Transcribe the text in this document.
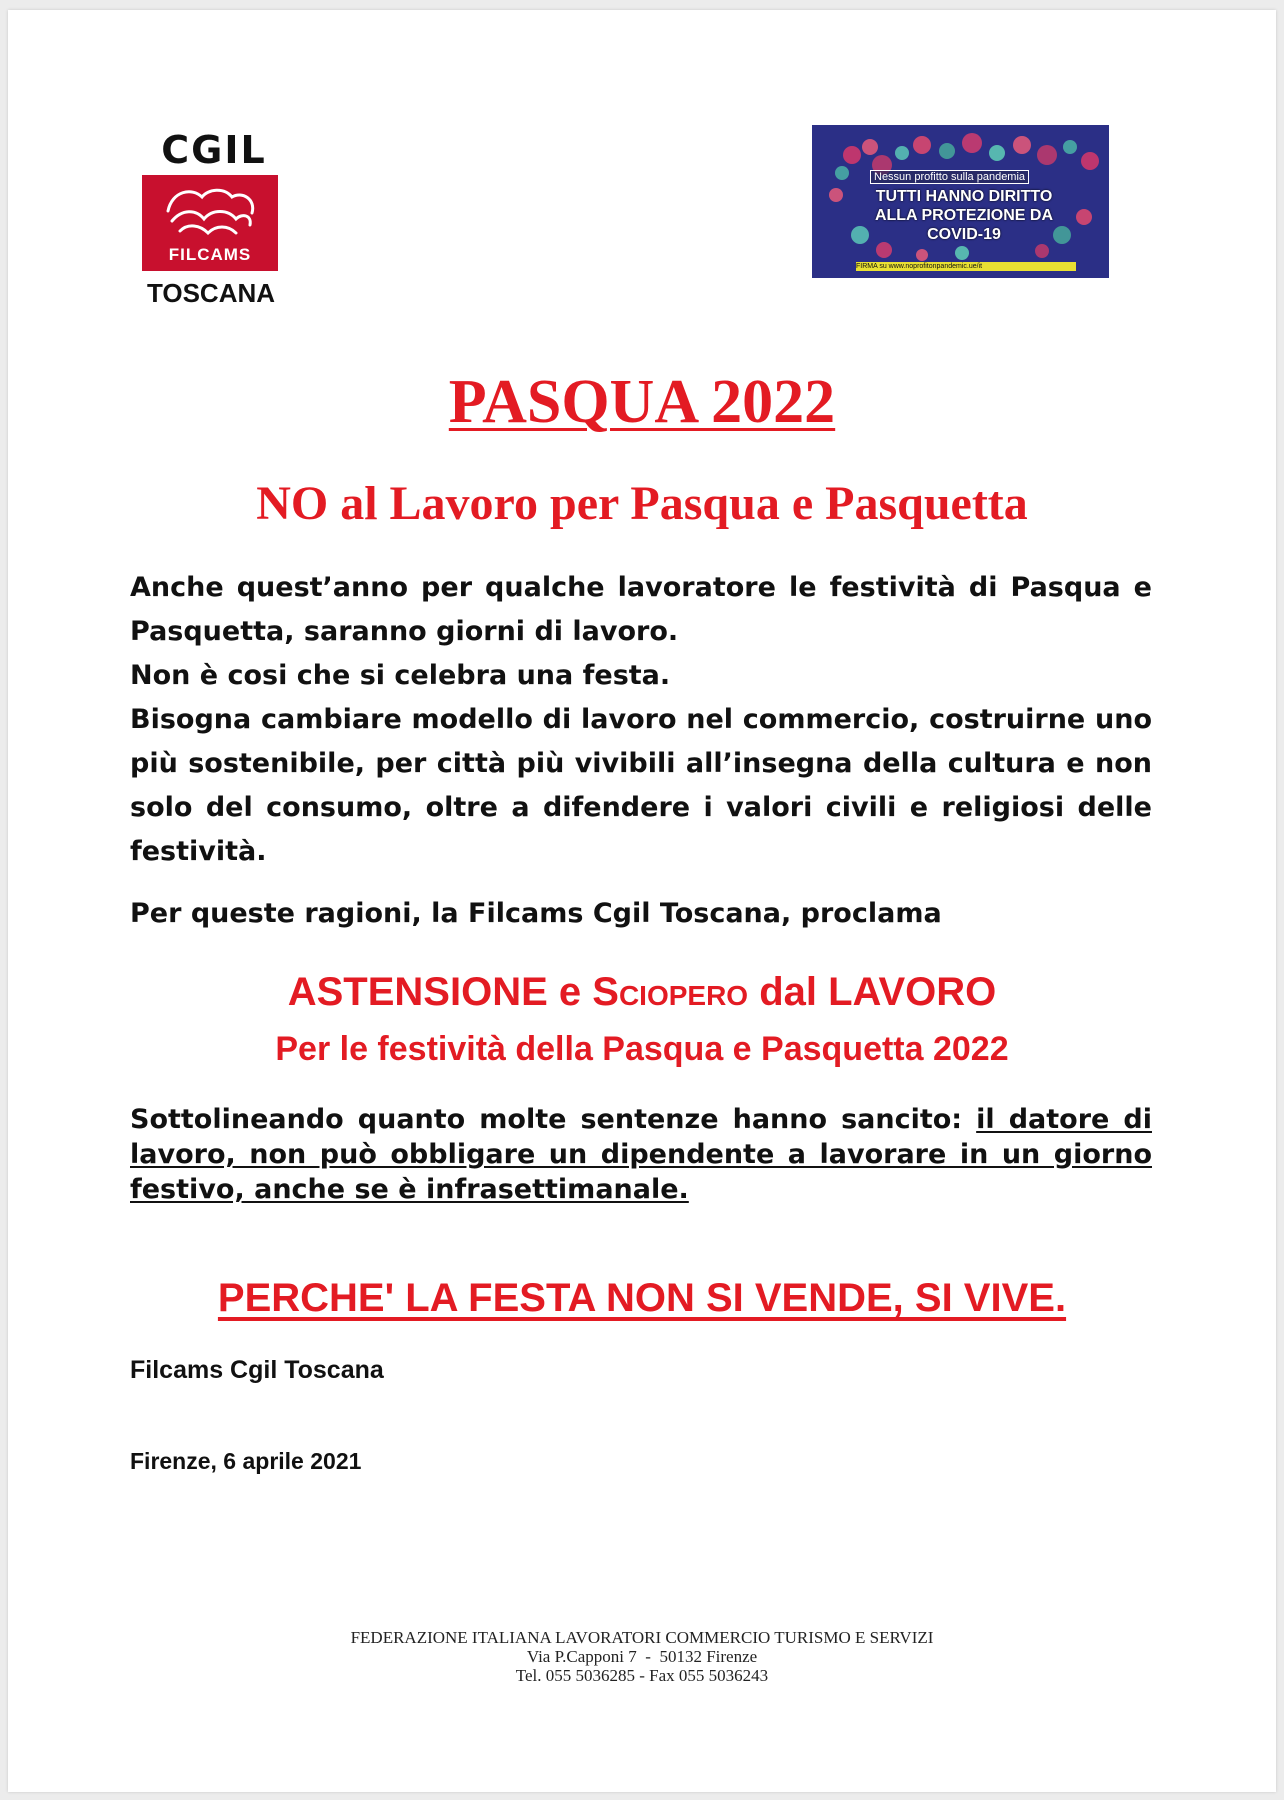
CGIL
FILCAMS
TOSCANA
Nessun profitto sulla pandemia
TUTTI HANNO DIRITTO
ALLA PROTEZIONE DA
COVID-19
FIRMA su www.noprofitonpandemic.ue/it
PASQUA 2022
NO al Lavoro per Pasqua e Pasquetta

Anche quest’anno per qualche lavoratore le festività di Pasqua e Pasquetta, saranno giorni di lavoro.

Non è cosi che si celebra una festa.

Bisogna cambiare modello di lavoro nel commercio, costruirne uno più sostenibile, per città più vivibili all’insegna della cultura e non solo del consumo, oltre a difendere i valori civili e religiosi delle festività.

Per queste ragioni, la Filcams Cgil Toscana, proclama

ASTENSIONE e Sciopero dal LAVORO
Per le festività della Pasqua e Pasquetta 2022

Sottolineando quanto molte sentenze hanno sancito: il datore di lavoro, non può obbligare un dipendente a lavorare in un giorno festivo, anche se è infrasettimanale.

PERCHE' LA FESTA NON SI VENDE, SI VIVE.
Filcams Cgil Toscana
Firenze, 6 aprile 2021
FEDERAZIONE ITALIANA LAVORATORI COMMERCIO TURISMO E SERVIZI
Via P.Capponi 7  -  50132 Firenze
Tel. 055 5036285 - Fax 055 5036243
